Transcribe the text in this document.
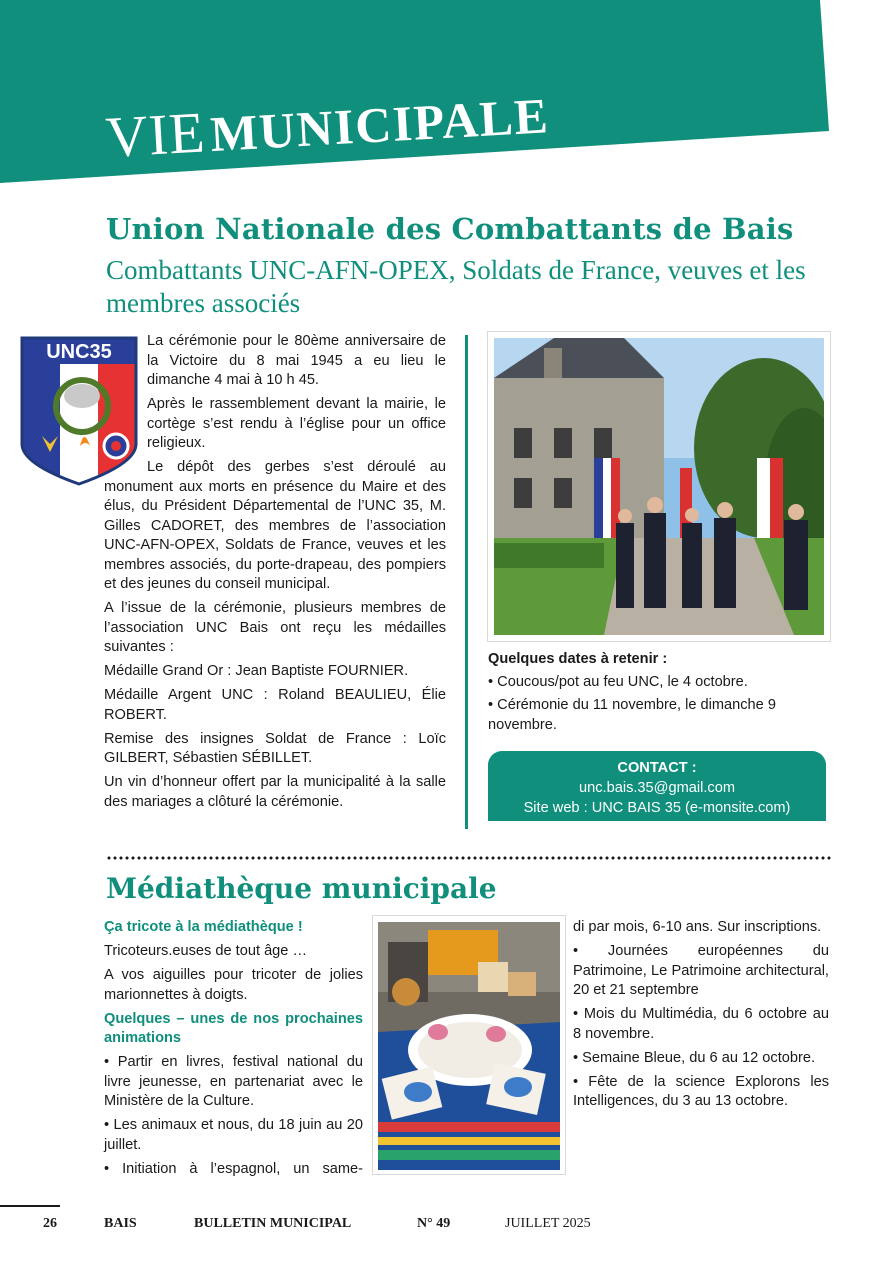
VIE MUNICIPALE
Union Nationale des Combattants de Bais
Combattants UNC-AFN-OPEX, Soldats de France, veuves et les membres associés
UNC35 La cérémonie pour le 80ème anniversaire de la Victoire du 8 mai 1945 a eu lieu le dimanche 4 mai à 10 h 45.

Après le rassemblement devant la mairie, le cortège s’est rendu à l’église pour un office religieux.

Le dépôt des gerbes s’est déroulé au monument aux morts en présence du Maire et des élus, du Président Départemental de l’UNC 35, M. Gilles CADORET, des membres de l’association UNC-AFN-OPEX, Soldats de France, veuves et les membres associés, du porte-drapeau, des pompiers et des jeunes du conseil municipal.

A l’issue de la cérémonie, plusieurs membres de l’association UNC Bais ont reçu les médailles suivantes :

Médaille Grand Or : Jean Baptiste FOURNIER.

Médaille Argent UNC : Roland BEAULIEU, Élie ROBERT.

Remise des insignes Soldat de France : Loïc GILBERT, Sébastien SÉBILLET.

Un vin d’honneur offert par la municipalité à la salle des mariages a clôturé la cérémonie.

Quelques dates à retenir :

• Coucous/pot au feu UNC, le 4 octobre.

• Cérémonie du 11 novembre, le dimanche 9 novembre.

CONTACT :
unc.bais.35@gmail.com
Site web : UNC BAIS 35 (e-monsite.com)
Médiathèque municipale

Ça tricote à la médiathèque !

Tricoteurs.euses de tout âge …

A vos aiguilles pour tricoter de jolies marionnettes à doigts.

Quelques – unes de nos prochaines animations

• Partir en livres, festival national du livre jeunesse, en partenariat avec le Ministère de la Culture.

• Les animaux et nous, du 18 juin au 20 juillet.

• Initiation à l’espagnol, un same-

di par mois, 6-10 ans. Sur inscriptions.

• Journées européennes du Patrimoine, Le Patrimoine architectural, 20 et 21 septembre

• Mois du Multimédia, du 6 octobre au 8 novembre.

• Semaine Bleue, du 6 au 12 octobre.

• Fête de la science Explorons les Intelligences, du 3 au 13 octobre.

26	BAIS	BULLETIN MUNICIPAL	N° 49	JUILLET 2025
